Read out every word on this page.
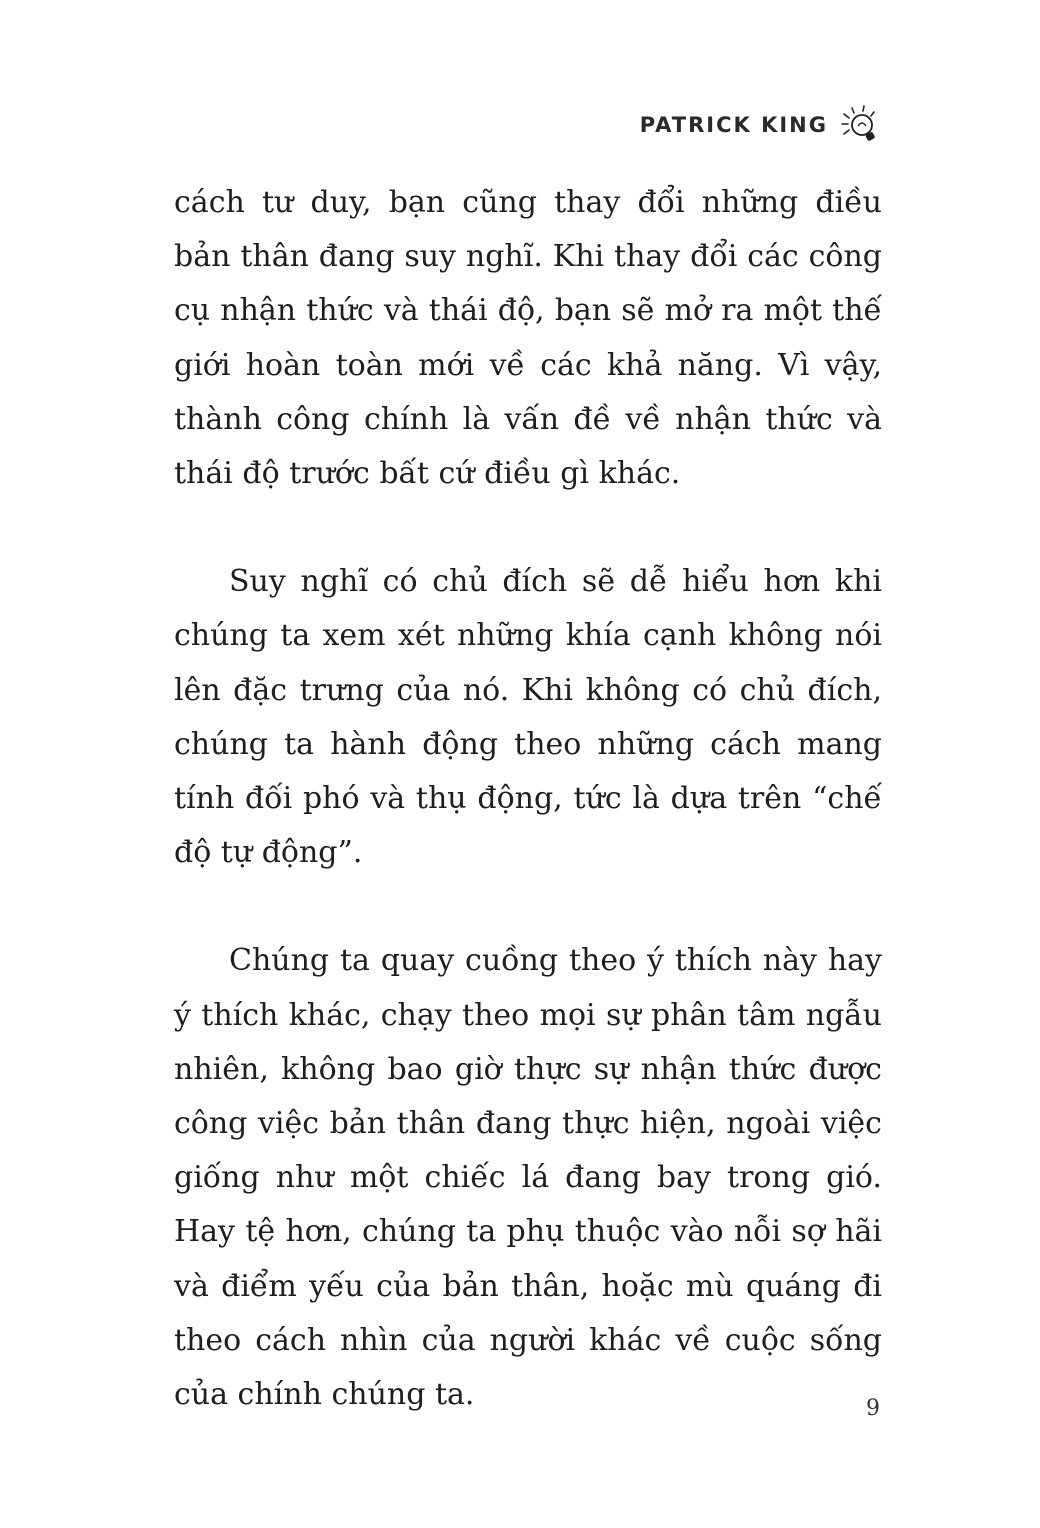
PATRICK KING

cách tư duy, bạn cũng thay đổi những điều bản thân đang suy nghĩ. Khi thay đổi các công cụ nhận thức và thái độ, bạn sẽ mở ra một thế giới hoàn toàn mới về các khả năng. Vì vậy, thành công chính là vấn đề về nhận thức và thái độ trước bất cứ điều gì khác.

Suy nghĩ có chủ đích sẽ dễ hiểu hơn khi chúng ta xem xét những khía cạnh không nói lên đặc trưng của nó. Khi không có chủ đích, chúng ta hành động theo những cách mang tính đối phó và thụ động, tức là dựa trên “chế độ tự động”.

Chúng ta quay cuồng theo ý thích này hay ý thích khác, chạy theo mọi sự phân tâm ngẫu nhiên, không bao giờ thực sự nhận thức được công việc bản thân đang thực hiện, ngoài việc giống như một chiếc lá đang bay trong gió. Hay tệ hơn, chúng ta phụ thuộc vào nỗi sợ hãi và điểm yếu của bản thân, hoặc mù quáng đi theo cách nhìn của người khác về cuộc sống của chính chúng ta.	9
